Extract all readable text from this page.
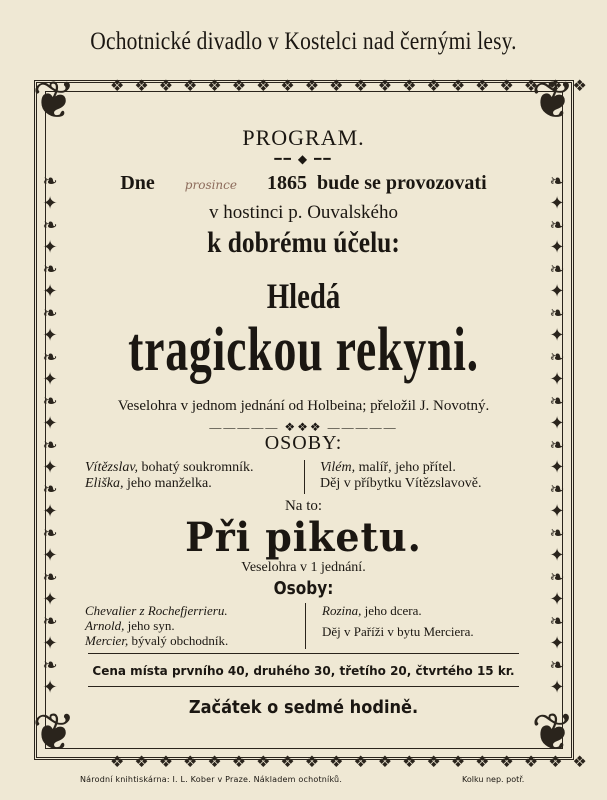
Ochotnické divadlo v Kostelci nad černými lesy.
❦	❦
❦	❦
❖ ❖ ❖ ❖ ❖ ❖ ❖ ❖ ❖ ❖ ❖ ❖ ❖ ❖ ❖ ❖ ❖ ❖ ❖ ❖
❖ ❖ ❖ ❖ ❖ ❖ ❖ ❖ ❖ ❖ ❖ ❖ ❖ ❖ ❖ ❖ ❖ ❖ ❖ ❖
❧
✦
❧
✦
❧
✦
❧
✦
❧
✦
❧
✦
❧
✦
❧
✦
❧
✦
❧
✦
❧
✦
❧
✦
❧
✦
❧
✦
❧
✦
❧
✦
❧
✦
❧
✦
❧
✦
❧
✦
❧
✦
❧
✦
❧
✦
❧
✦
PROGRAM.
━━ ◆ ━━
Dne	prosince 1865 bude se provozovati
v hostinci p. Ouvalského
k dobrému účelu:
Hledá
tragickou rekyni.
Veselohra v jednom jednání od Holbeina; přeložil J. Novotný.
————— ❖❖❖ —————
OSOBY:
Vítězslav, bohatý soukromník.
Eliška, jeho manželka.
Vilém, malíř, jeho přítel.
Děj v příbytku Vítězslavově.
Na to:
Při piketu.
Veselohra v 1 jednání.
Osoby:
Chevalier z Rochefjerrieru.
Arnold, jeho syn.
Mercier, bývalý obchodník.
Rozina, jeho dcera.
Děj v Paříži v bytu Merciera.
Cena místa prvního 40, druhého 30, třetího 20, čtvrtého 15 kr.
Začátek o sedmé hodině.
Národní knihtiskárna: I. L. Kober v Praze. Nákladem ochotníků.	Kolku nep. potř.
